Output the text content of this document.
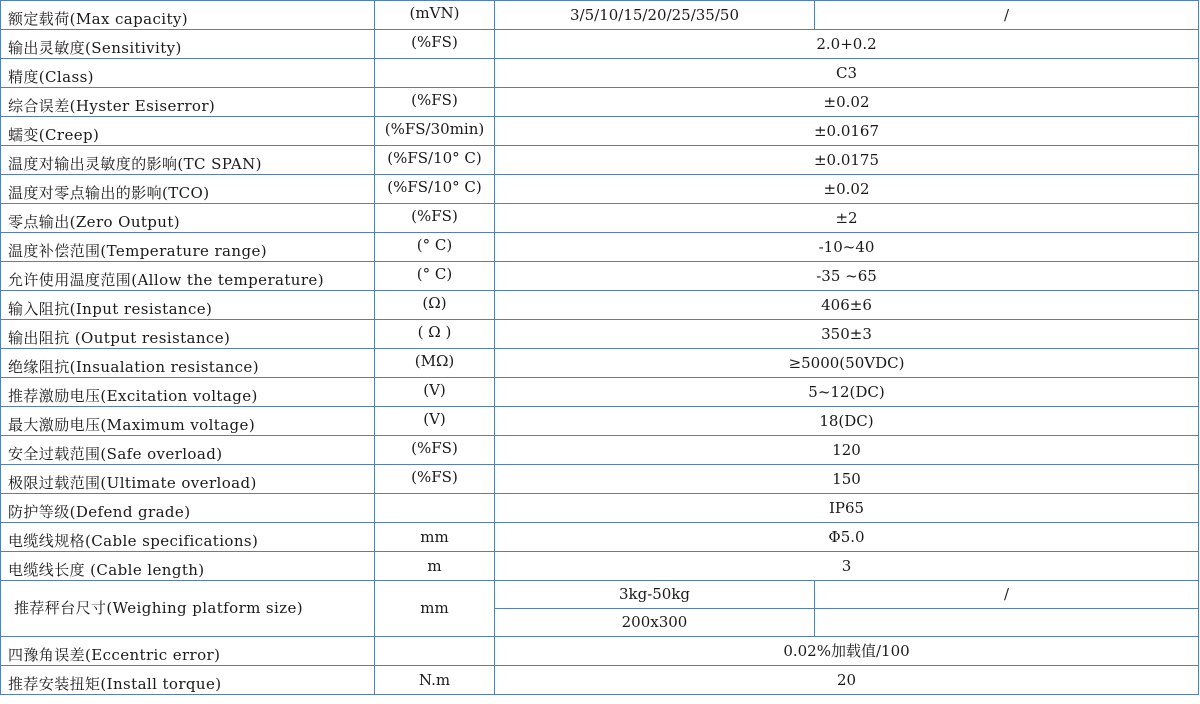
额定载荷(Max capacity)	(mVN)	3/5/10/15/20/25/35/50	/
输出灵敏度(Sensitivity)	(%FS)	2.0+0.2	
精度(Class)		C3	
综合误差(Hyster Esiserror)	(%FS)	±0.02	
蠕变(Creep)	(%FS/30min)	±0.0167	
温度对输出灵敏度的影响(TC SPAN)	(%FS/10° C)	±0.0175	
温度对零点输出的影响(TCO)	(%FS/10° C)	±0.02	
零点输出(Zero Output)	(%FS)	±2	
温度补偿范围(Temperature range)	(° C)	-10~40	
允许使用温度范围(Allow the temperature)	(° C)	-35 ~65	
输入阻抗(Input resistance)	(Ω)	406±6	
输出阻抗 (Output resistance)	( Ω )	350±3	
绝缘阻抗(Insualation resistance)	(MΩ)	≥5000(50VDC)	
推荐激励电压(Excitation voltage)	(V)	5~12(DC)	
最大激励电压(Maximum voltage)	(V)	18(DC)	
安全过载范围(Safe overload)	(%FS)	120	
极限过载范围(Ultimate overload)	(%FS)	150	
防护等级(Defend grade)		IP65	
电缆线规格(Cable specifications)	mm	Φ5.0	
电缆线长度 (Cable length)	m	3	
推荐秤台尺寸(Weighing platform size)	mm	3kg-50kg	/
		200x300	
四豫角误差(Eccentric error)		0.02%加载值/100	
推荐安装扭矩(Install torque)	N.m	20	
